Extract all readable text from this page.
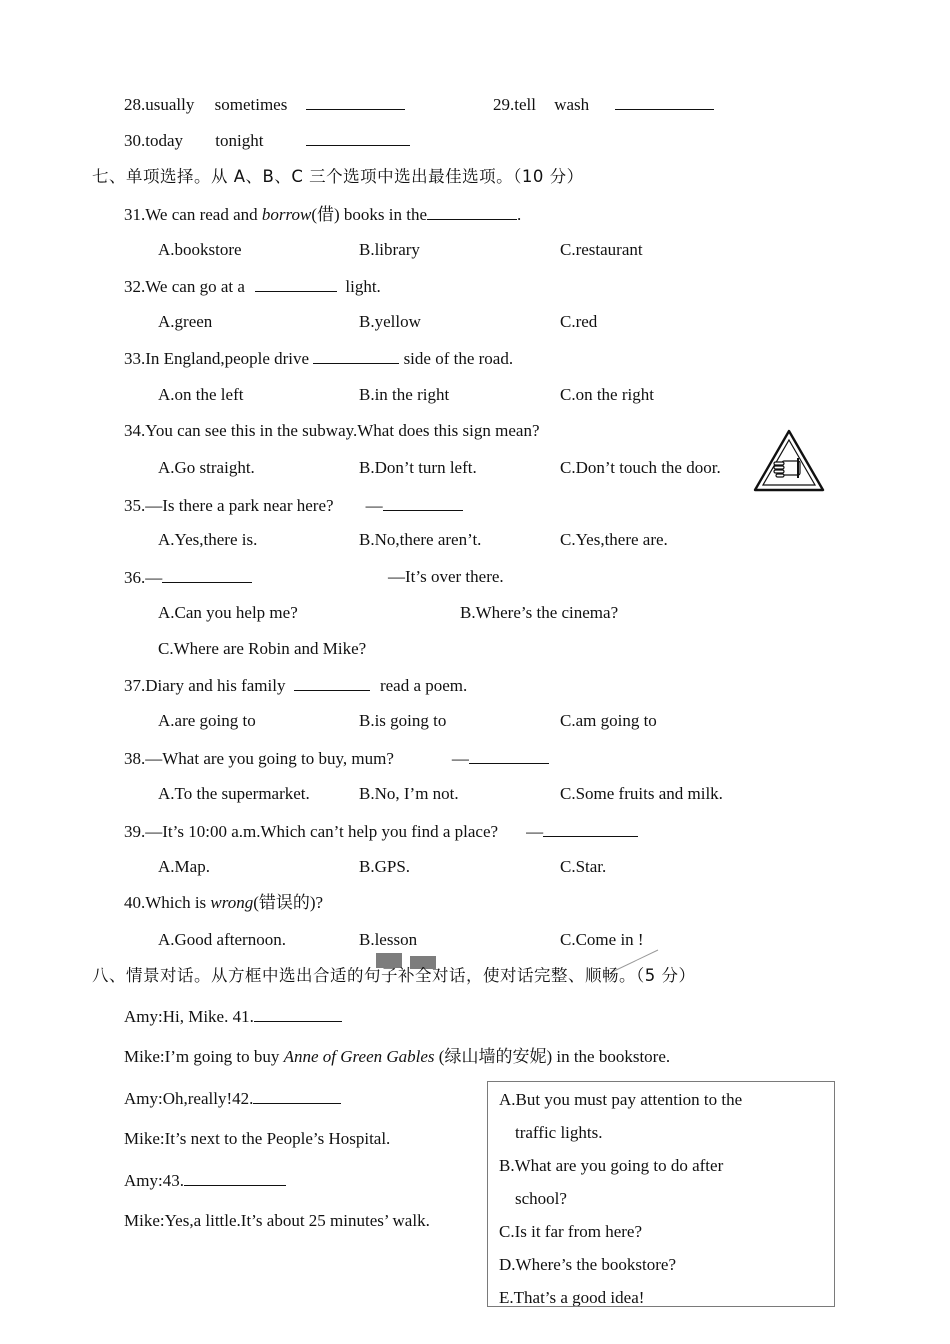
28.usually sometimes	29.tell wash
30.today tonight
七、单项选择。从 A、B、C 三个选项中选出最佳选项。（10 分）
31.We can read and borrow(借) books in the	.
A.bookstore	B.library	C.restaurant
32.We can go at a	light.
A.green	B.yellow	C.red
33.In England,people drive	side of the road.
A.on the left	B.in the right	C.on the right
34.You can see this in the subway.What does this sign mean?
A.Go straight.	B.Don’t turn left.	C.Don’t touch the door.
35.—Is there a park near here? —
A.Yes,there is.	B.No,there aren’t.	C.Yes,there are.
36.—	—It’s over there.
A.Can you help me?	B.Where’s the cinema?
C.Where are Robin and Mike?
37.Diary and his family	read a poem.
A.are going to	B.is going to	C.am going to
38.—What are you going to buy, mum?	—
A.To the supermarket.	B.No, I’m not.	C.Some fruits and milk.
39.—It’s 10:00 a.m.Which can’t help you find a place? —
A.Map.	B.GPS.	C.Star.
40.Which is wrong(错误的)?
A.Good afternoon.	B.lesson	C.Come in !
八、情景对话。从方框中选出合适的句子补全对话，使对话完整、顺畅。（5 分）
Amy:Hi, Mike. 41.
Mike:I’m going to buy Anne of Green Gables (绿山墙的安妮) in the bookstore.
Amy:Oh,really!42.
Mike:It’s next to the People’s Hospital.
Amy:43.
Mike:Yes,a little.It’s about 25 minutes’ walk.
A.But you must pay attention to the
traffic lights.
B.What are you going to do after
school?
C.Is it far from here?
D.Where’s the bookstore?
E.That’s a good idea!
